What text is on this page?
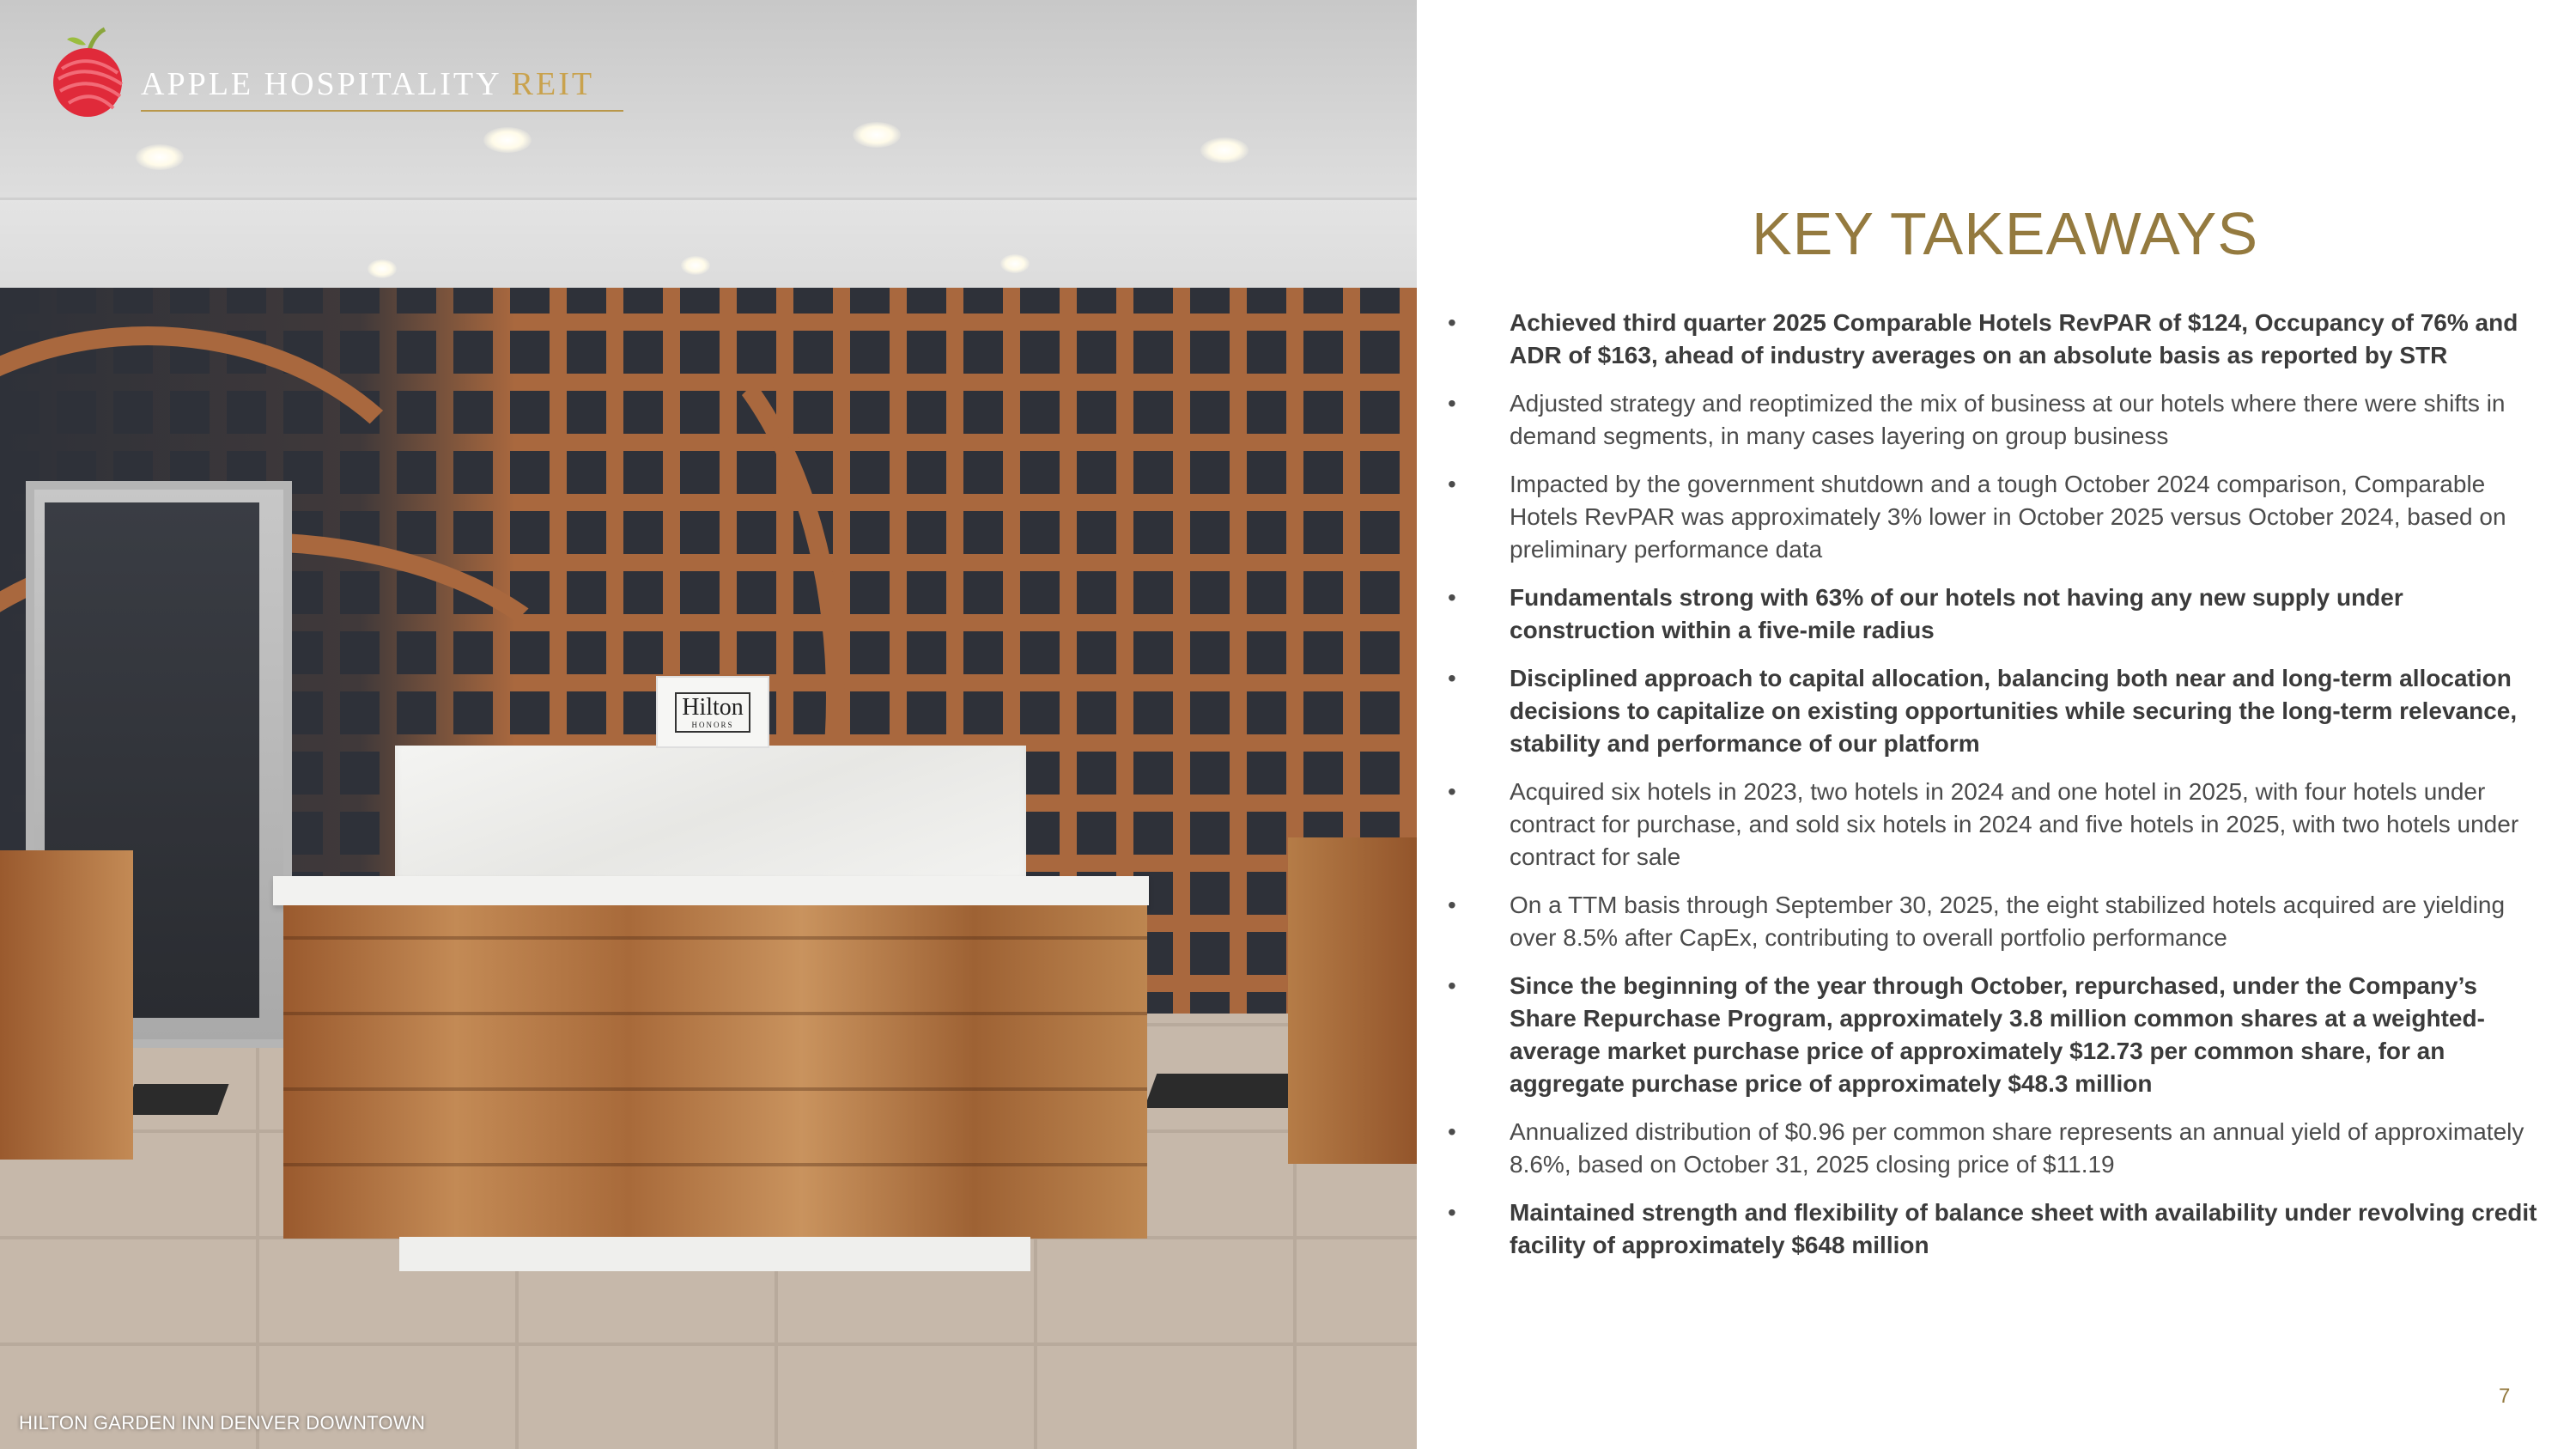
Hilton
HONORS
HILTON GARDEN INN DENVER DOWNTOWN
APPLE HOSPITALITY REIT
KEY TAKEAWAYS
• Achieved third quarter 2025 Comparable Hotels RevPAR of $124, Occupancy of 76% and ADR of $163, ahead of industry averages on an absolute basis as reported by STR
• Adjusted strategy and reoptimized the mix of business at our hotels where there were shifts in demand segments, in many cases layering on group business
• Impacted by the government shutdown and a tough October 2024 comparison, Comparable Hotels RevPAR was approximately 3% lower in October 2025 versus October 2024, based on preliminary performance data
• Fundamentals strong with 63% of our hotels not having any new supply under construction within a five-mile radius
• Disciplined approach to capital allocation, balancing both near and long-term allocation decisions to capitalize on existing opportunities while securing the long-term relevance, stability and performance of our platform
• Acquired six hotels in 2023, two hotels in 2024 and one hotel in 2025, with four hotels under contract for purchase, and sold six hotels in 2024 and five hotels in 2025, with two hotels under contract for sale
• On a TTM basis through September 30, 2025, the eight stabilized hotels acquired are yielding over 8.5% after CapEx, contributing to overall portfolio performance
• Since the beginning of the year through October, repurchased, under the Company’s Share Repurchase Program, approximately 3.8 million common shares at a weighted-average market purchase price of approximately $12.73 per common share, for an aggregate purchase price of approximately $48.3 million
• Annualized distribution of $0.96 per common share represents an annual yield of approximately 8.6%, based on October 31, 2025 closing price of $11.19
• Maintained strength and flexibility of balance sheet with availability under revolving credit facility of approximately $648 million
7
